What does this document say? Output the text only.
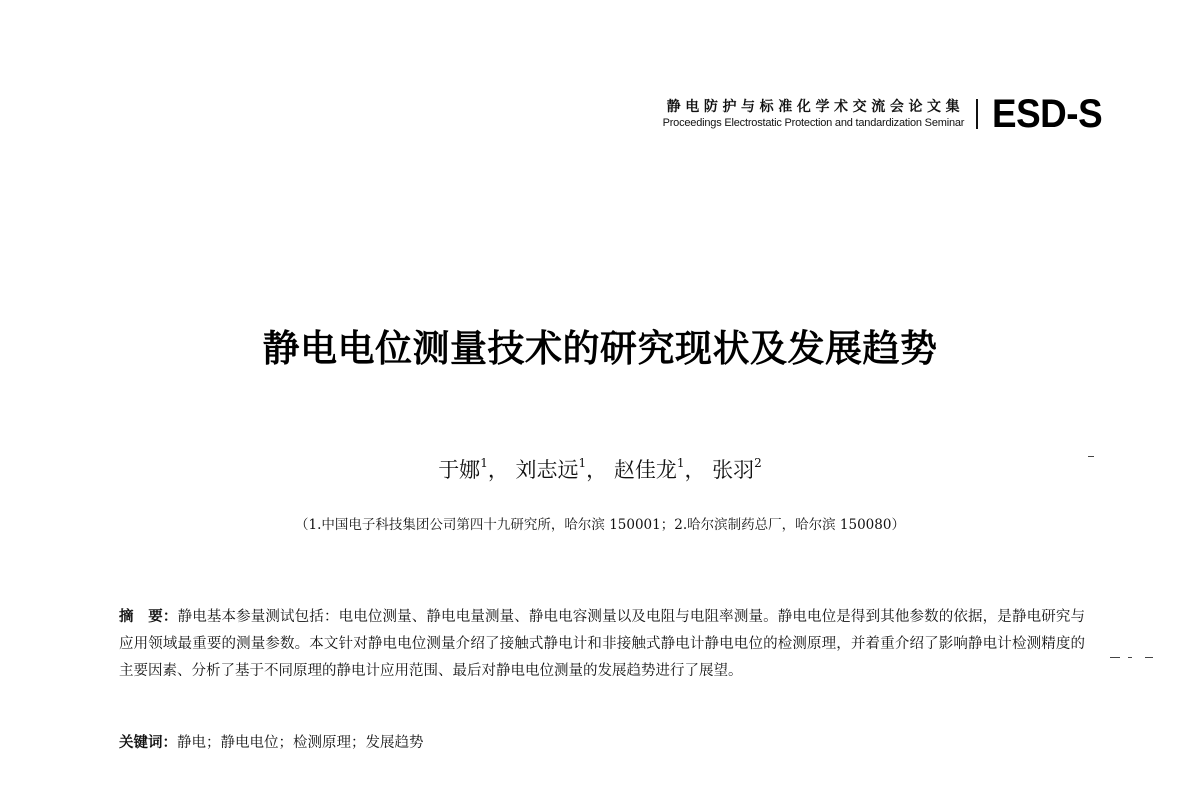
静电防护与标准化学术交流会论文集
Proceedings Electrostatic Protection and tandardization Seminar ESD-S
静电电位测量技术的研究现状及发展趋势
于娜$^1$， 刘志远$^1$， 赵佳龙$^1$， 张羽$^2$
（1.中国电子科技集团公司第四十九研究所，哈尔滨 150001；2.哈尔滨制药总厂，哈尔滨 150080）
摘　要：静电基本参量测试包括：电电位测量、静电电量测量、静电电容测量以及电阻与电阻率测量。静电电位是得到其他参数的依据，是静电研究与应用领域最重要的测量参数。本文针对静电电位测量介绍了接触式静电计和非接触式静电计静电电位的检测原理，并着重介绍了影响静电计检测精度的主要因素、分析了基于不同原理的静电计应用范围、最后对静电电位测量的发展趋势进行了展望。
关键词：静电；静电电位；检测原理；发展趋势
